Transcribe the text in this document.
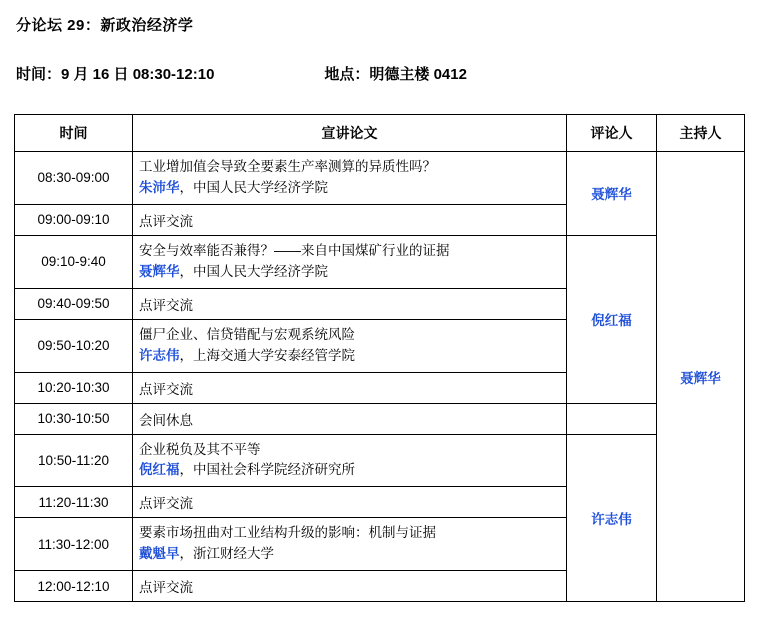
分论坛 29：新政治经济学
时间：9 月 16 日 08:30-12:10	地点：明德主楼 0412
时间	宣讲论文	评论人	主持人
08:30-09:00	工业增加值会导致全要素生产率测算的异质性吗？
朱沛华，中国人民大学经济学院	聂辉华	聂辉华
09:00-09:10	点评交流		
09:10-9:40	安全与效率能否兼得？——来自中国煤矿行业的证据
聂辉华，中国人民大学经济学院	倪红福	
09:40-09:50	点评交流		
09:50-10:20	僵尸企业、信贷错配与宏观系统风险
许志伟，上海交通大学安泰经管学院		

10:20-10:30	点评交流		
10:30-10:50	会间休息		
10:50-11:20	企业税负及其不平等
倪红福，中国社会科学院经济研究所	许志伟	
11:20-11:30	点评交流		
11:30-12:00	要素市场扭曲对工业结构升级的影响：机制与证据
戴魁早，浙江财经大学		

12:00-12:10	点评交流		
